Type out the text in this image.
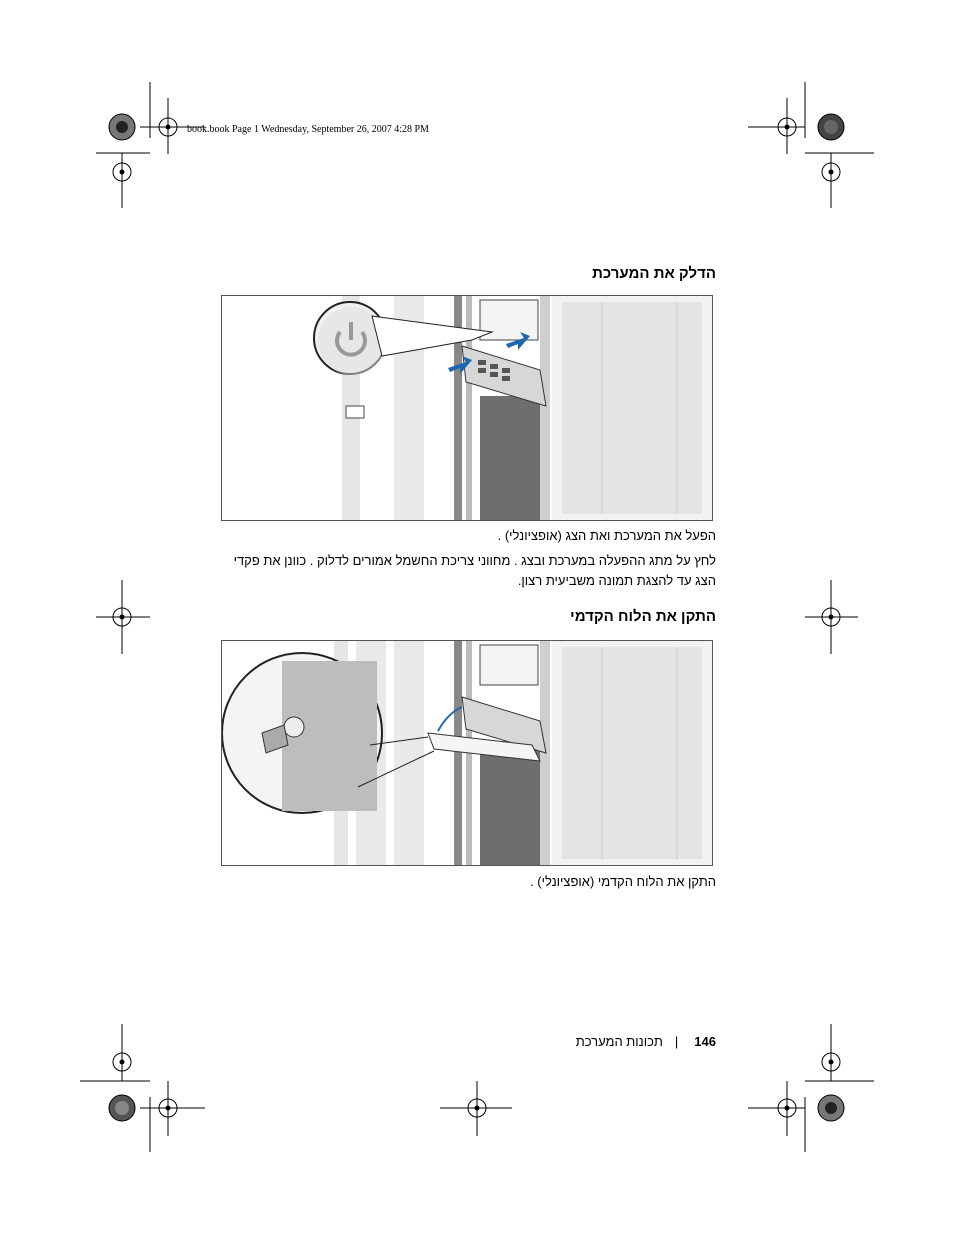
book.book Page 1 Wednesday, September 26, 2007 4:28 PM
הדלק את המערכת
הפעל את המערכת ואת הצג (אופציונלי) .
לחץ על מתג ההפעלה במערכת ובצג . מחווני צריכת החשמל אמורים לדלוק . כוונן את פקדי הצג עד להצגת תמונה משביעית רצון.
התקן את הלוח הקדמי
התקן את הלוח הקדמי (אופציונלי) .
146|תכונות המערכת
